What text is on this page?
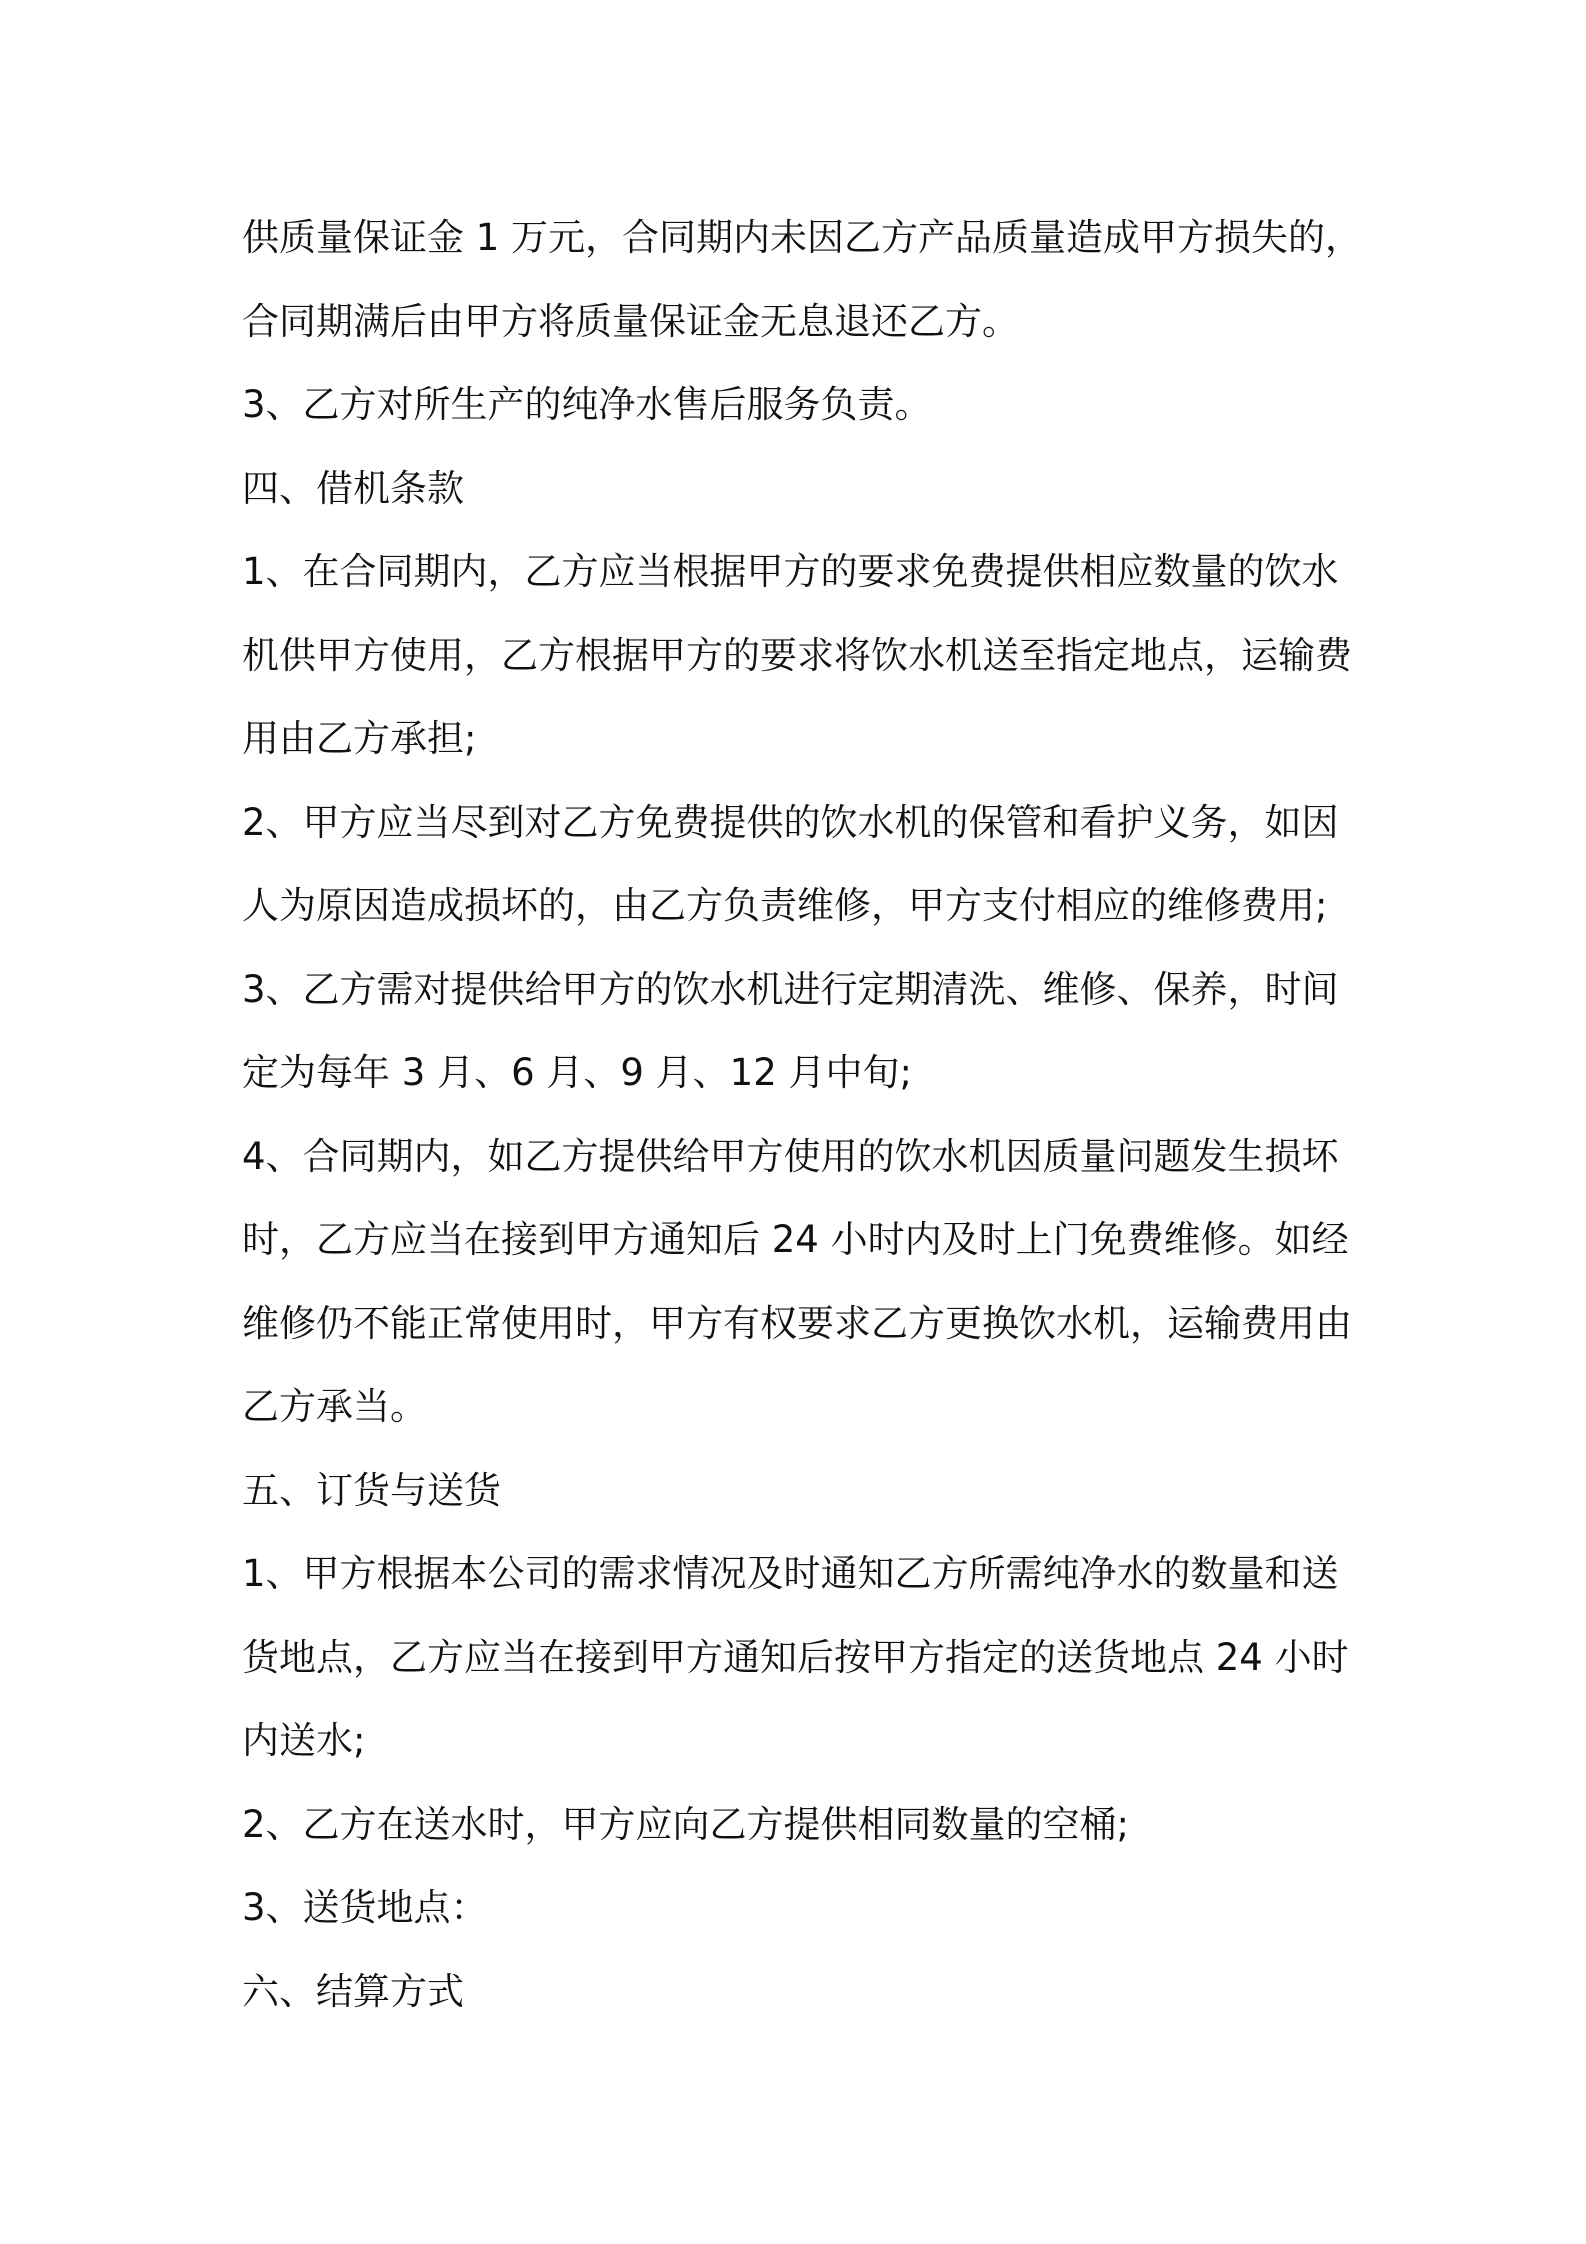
供质量保证金 1 万元，合同期内未因乙方产品质量造成甲方损失的，
合同期满后由甲方将质量保证金无息退还乙方。
3、乙方对所生产的纯净水售后服务负责。
四、借机条款
1、在合同期内，乙方应当根据甲方的要求免费提供相应数量的饮水
机供甲方使用，乙方根据甲方的要求将饮水机送至指定地点，运输费
用由乙方承担;
2、甲方应当尽到对乙方免费提供的饮水机的保管和看护义务，如因
人为原因造成损坏的，由乙方负责维修，甲方支付相应的维修费用;
3、乙方需对提供给甲方的饮水机进行定期清洗、维修、保养，时间
定为每年 3 月、6 月、9 月、12 月中旬;
4、合同期内，如乙方提供给甲方使用的饮水机因质量问题发生损坏
时，乙方应当在接到甲方通知后 24 小时内及时上门免费维修。如经
维修仍不能正常使用时，甲方有权要求乙方更换饮水机，运输费用由
乙方承当。
五、订货与送货
1、甲方根据本公司的需求情况及时通知乙方所需纯净水的数量和送
货地点，乙方应当在接到甲方通知后按甲方指定的送货地点 24 小时
内送水;
2、乙方在送水时，甲方应向乙方提供相同数量的空桶;
3、送货地点：
六、结算方式
